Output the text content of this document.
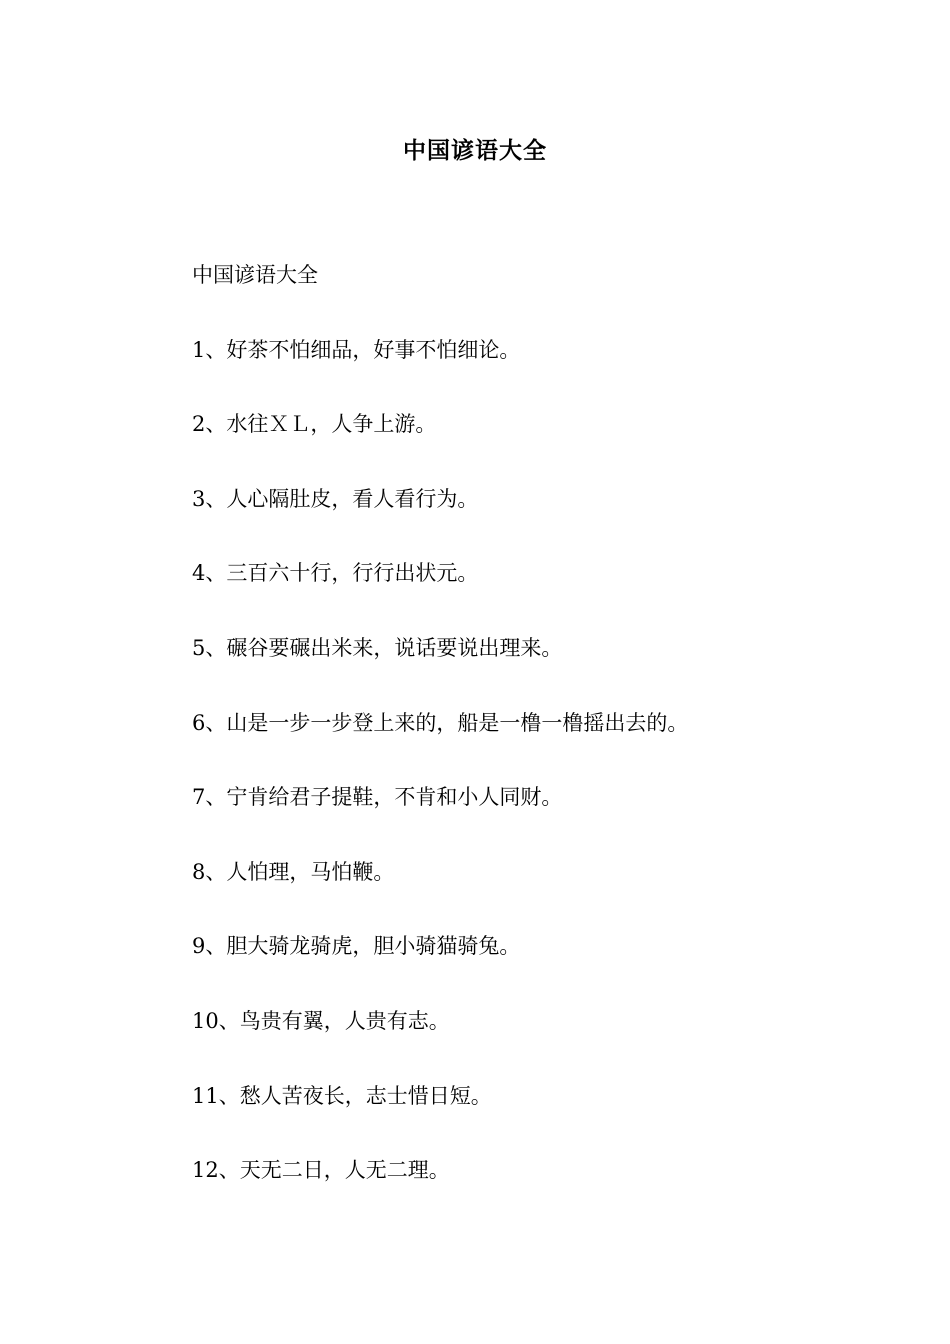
中国谚语大全

中国谚语大全

1、好茶不怕细品，好事不怕细论。

2、水往ＸＬ，人争上游。

3、人心隔肚皮，看人看行为。

4、三百六十行，行行出状元。

5、碾谷要碾出米来，说话要说出理来。

6、山是一步一步登上来的，船是一橹一橹摇出去的。

7、宁肯给君子提鞋，不肯和小人同财。

8、人怕理，马怕鞭。

9、胆大骑龙骑虎，胆小骑猫骑兔。

10、鸟贵有翼，人贵有志。

11、愁人苦夜长，志士惜日短。

12、天无二日，人无二理。
